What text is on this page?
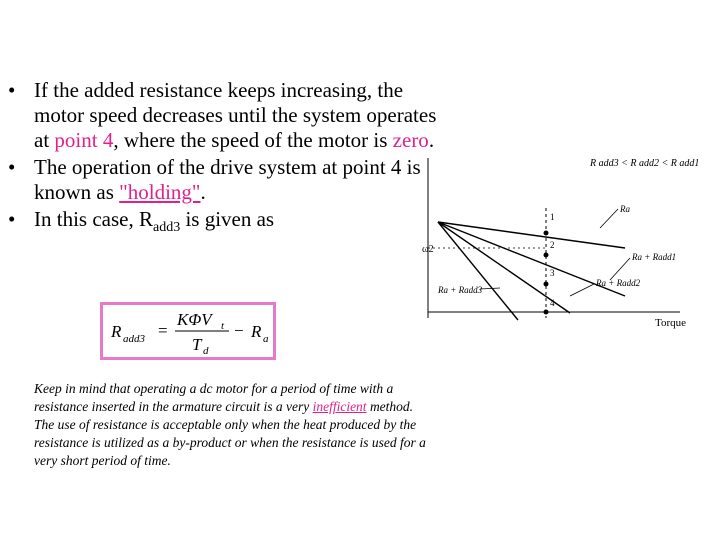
• If the added resistance keeps increasing, the motor speed decreases until the system operates at point 4, where the speed of the motor is zero.
• The operation of the drive system at point 4 is known as "holding".
• In this case, $R_{add3}$ is given as
R add3 =
KΦV t
T d
− R a
Keep in mind that operating a dc motor for a period of time with a resistance inserted in the armature circuit is a very inefficient method. The use of resistance is acceptable only when the heat produced by the resistance is utilized as a by-product or when the resistance is used for a very short period of time.
R add3 < R add2 < R add1
Torque
ω2
1
2
3
4
Ra
Ra + Radd1
Ra + Radd2
Ra + Radd3
